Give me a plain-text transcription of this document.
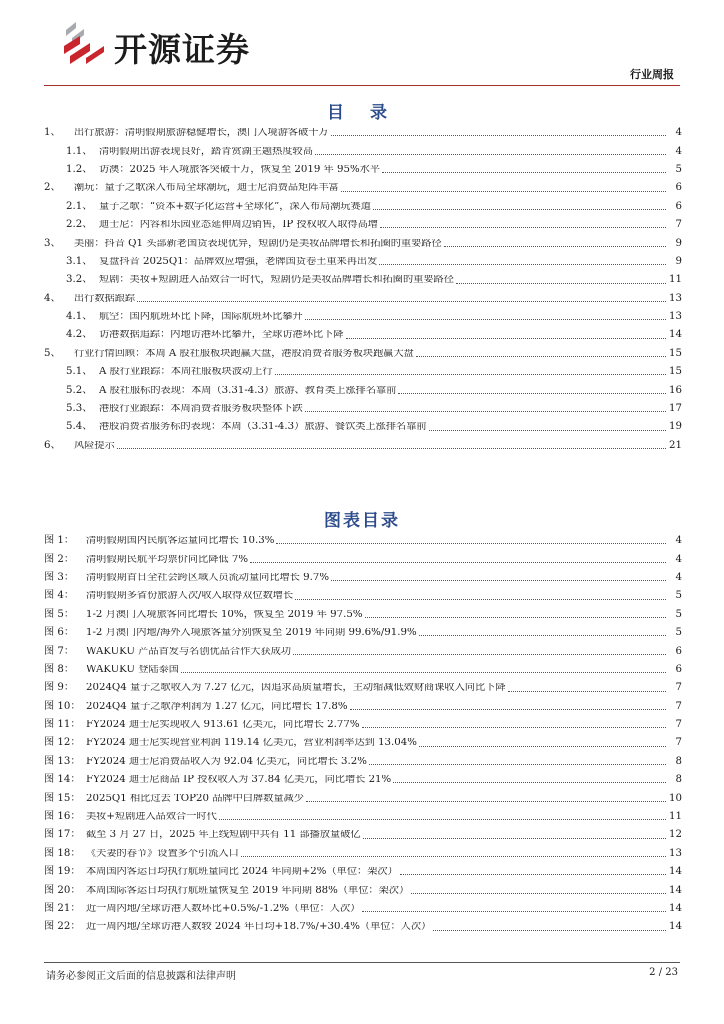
开源证券
行业周报
目 录
1、	出行旅游：清明假期旅游稳健增长，澳门入境游客破千万	4
1.1、 清明假期出游表现良好，踏青赏湖主题热度较高	4
1.2、 访澳：2025 年入境旅客突破千万，恢复至 2019 年 95%水平	5
2、	潮玩：量子之歌深入布局全球潮玩，迪士尼消费品矩阵丰富	6
2.1、 量子之歌：“资本+数字化运营+全球化”，深入布局潮玩赛道	6
2.2、 迪士尼：内容和乐园业态延伸周边销售，IP 授权收入取得高增	7
3、	美丽：抖音 Q1 头部新老国货表现优异，短剧仍是美妆品牌增长和拓圈的重要路径	9
3.1、 复盘抖音 2025Q1：品牌效应增强，老牌国货卷土重来再出发	9
3.2、 短剧：美妆+短剧进入品效合一时代，短剧仍是美妆品牌增长和拓圈的重要路径	11
4、	出行数据跟踪	13
4.1、 航空：国内航班环比下降，国际航班环比攀升	13
4.2、 访港数据追踪：内地访港环比攀升，全球访港环比下降	14
5、	行业行情回顾：本周 A 股社服板块跑赢大盘，港股消费者服务板块跑赢大盘	15
5.1、 A 股行业跟踪：本周社服板块波动上行	15
5.2、 A 股社服标的表现：本周（3.31-4.3）旅游、教育类上涨排名靠前	16
5.3、 港股行业跟踪：本周消费者服务板块整体下跌	17
5.4、 港股消费者服务标的表现：本周（3.31-4.3）旅游、餐饮类上涨排名靠前	19
6、	风险提示	21
图表目录
图 1：	清明假期国内民航客运量同比增长 10.3%	4
图 2：	清明假期民航平均票价同比降低 7%	4
图 3：	清明假期首日全社会跨区域人员流动量同比增长 9.7%	4
图 4：	清明假期多省份旅游人次/收入取得双位数增长	5
图 5：	1-2 月澳门入境旅客同比增长 10%，恢复至 2019 年 97.5%	5
图 6：	1-2 月澳门内地/海外入境旅客量分别恢复至 2019 年同期 99.6%/91.9%	5
图 7：	WAKUKU 产品首发与名创优品合作大获成功	6
图 8：	WAKUKU 登陆泰国	6
图 9：	2024Q4 量子之歌收入为 7.27 亿元，因追求高质量增长，主动缩减低效财商课收入同比下降	7
图 10： 2024Q4 量子之歌净利润为 1.27 亿元，同比增长 17.8%	7
图 11： FY2024 迪士尼实现收入 913.61 亿美元，同比增长 2.77%	7
图 12： FY2024 迪士尼实现营业利润 119.14 亿美元，营业利润率达到 13.04%	7
图 13： FY2024 迪士尼消费品收入为 92.04 亿美元，同比增长 3.2%	8
图 14： FY2024 迪士尼商品 IP 授权收入为 37.84 亿美元，同比增长 21%	8
图 15： 2025Q1 相比过去 TOP20 品牌中白牌数量减少	10
图 16： 美妆+短剧进入品效合一时代	11
图 17： 截至 3 月 27 日，2025 年上线短剧中共有 11 部播放量破亿	12
图 18： 《夫妻的春节》设置多个引流入口	13
图 19： 本周国内客运日均执行航班量同比 2024 年同期+2%（单位：架次）	14
图 20： 本周国际客运日均执行航班量恢复至 2019 年同期 88%（单位：架次）	14
图 21： 近一周内地/全球访港人数环比+0.5%/-1.2%（单位：人次）	14
图 22： 近一周内地/全球访港人数较 2024 年日均+18.7%/+30.4%（单位：人次）	14
请务必参阅正文后面的信息披露和法律声明	2 / 23
